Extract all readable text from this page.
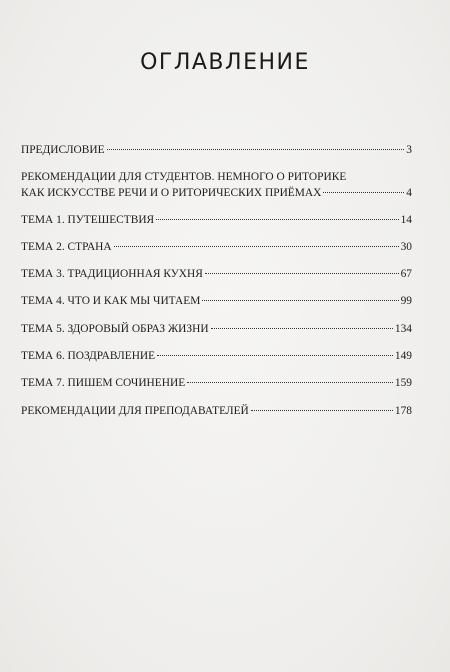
ОГЛАВЛЕНИЕ
ПРЕДИСЛОВИЕ	3
РЕКОМЕНДАЦИИ ДЛЯ СТУДЕНТОВ. НЕМНОГО О РИТОРИКЕ
КАК ИСКУССТВЕ РЕЧИ И О РИТОРИЧЕСКИХ ПРИЁМАХ	4
ТЕМА 1. ПУТЕШЕСТВИЯ	14
ТЕМА 2. СТРАНА	30
ТЕМА 3. ТРАДИЦИОННАЯ КУХНЯ	67
ТЕМА 4. ЧТО И КАК МЫ ЧИТАЕМ	99
ТЕМА 5. ЗДОРОВЫЙ ОБРАЗ ЖИЗНИ	134
ТЕМА 6. ПОЗДРАВЛЕНИЕ	149
ТЕМА 7. ПИШЕМ СОЧИНЕНИЕ	159
РЕКОМЕНДАЦИИ ДЛЯ ПРЕПОДАВАТЕЛЕЙ	178
